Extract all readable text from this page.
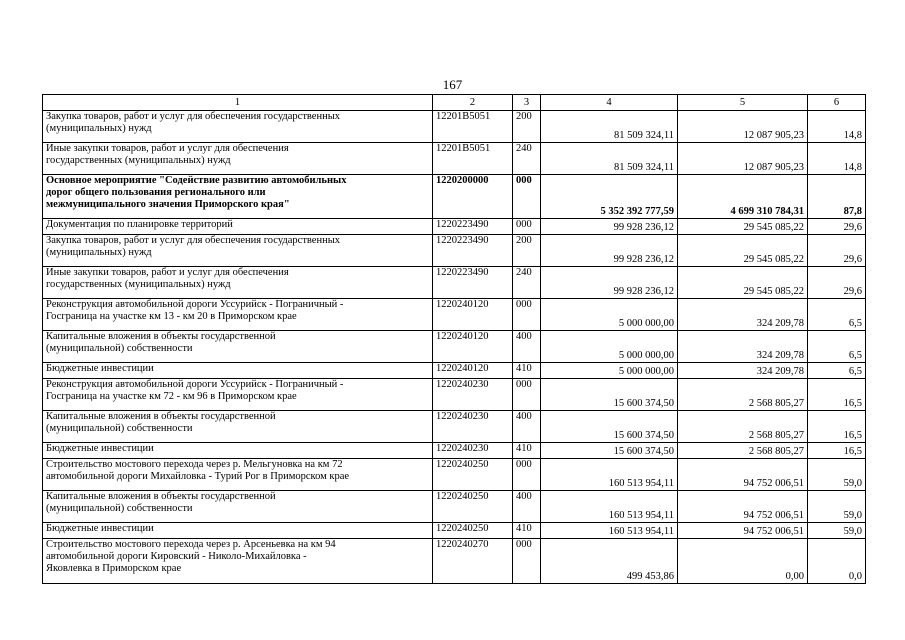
167
1	2	3	4	5	6
Закупка товаров, работ и услуг для обеспечения государственных
(муниципальных) нужд	12201В5051	200	81 509 324,11	12 087 905,23	14,8
Иные закупки товаров, работ и услуг для обеспечения
государственных (муниципальных) нужд	12201В5051	240	81 509 324,11	12 087 905,23	14,8
Основное мероприятие "Содействие развитию автомобильных
дорог общего пользования регионального или
межмуниципального значения Приморского края"	1220200000	000	5 352 392 777,59	4 699 310 784,31	87,8
Документация по планировке территорий	1220223490	000	99 928 236,12	29 545 085,22	29,6
Закупка товаров, работ и услуг для обеспечения государственных
(муниципальных) нужд	1220223490	200	99 928 236,12	29 545 085,22	29,6
Иные закупки товаров, работ и услуг для обеспечения
государственных (муниципальных) нужд	1220223490	240	99 928 236,12	29 545 085,22	29,6
Реконструкция автомобильной дороги Уссурийск - Пограничный -
Госграница на участке км 13 - км 20 в Приморском крае	1220240120	000	5 000 000,00	324 209,78	6,5
Капитальные вложения в объекты государственной
(муниципальной) собственности	1220240120	400	5 000 000,00	324 209,78	6,5
Бюджетные инвестиции	1220240120	410	5 000 000,00	324 209,78	6,5
Реконструкция автомобильной дороги Уссурийск - Пограничный -
Госграница на участке км 72 - км 96 в Приморском крае	1220240230	000	15 600 374,50	2 568 805,27	16,5
Капитальные вложения в объекты государственной
(муниципальной) собственности	1220240230	400	15 600 374,50	2 568 805,27	16,5
Бюджетные инвестиции	1220240230	410	15 600 374,50	2 568 805,27	16,5
Строительство мостового перехода через р. Мельгуновка на км 72
автомобильной дороги Михайловка - Турий Рог в Приморском крае	1220240250	000	160 513 954,11	94 752 006,51	59,0
Капитальные вложения в объекты государственной
(муниципальной) собственности	1220240250	400	160 513 954,11	94 752 006,51	59,0
Бюджетные инвестиции	1220240250	410	160 513 954,11	94 752 006,51	59,0
Строительство мостового перехода через р. Арсеньевка на км 94
автомобильной дороги Кировский - Николо-Михайловка -
Яковлевка в Приморском крае	1220240270	000	499 453,86	0,00	0,0
